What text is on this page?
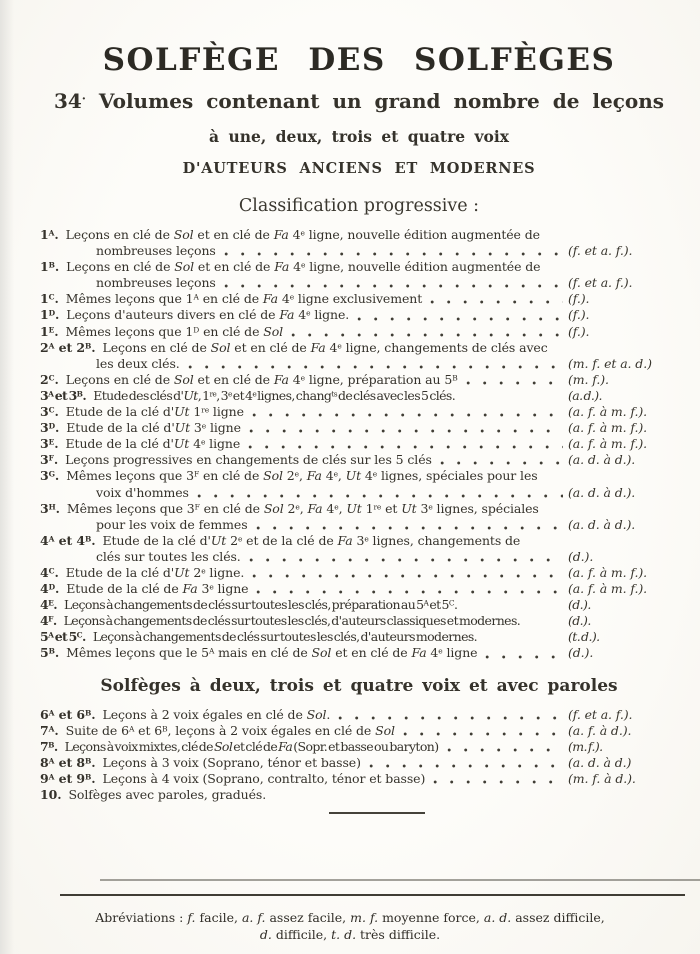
SOLFÈGE DES SOLFÈGES
34· Volumes contenant un grand nombre de leçons
à une, deux, trois et quatre voix
D'AUTEURS ANCIENS ET MODERNES
Classification progressive :
$1^A$. Leçons en clé de Sol et en clé de Fa 4e ligne, nouvelle édition augmentée de
nombreuses leçons	(f. et a. f.).
$1^B$. Leçons en clé de Sol et en clé de Fa 4e ligne, nouvelle édition augmentée de
nombreuses leçons	(f. et a. f.).
$1^C$. Mêmes leçons que $1^A$ en clé de Fa 4e ligne exclusivement	(f.).
$1^D$. Leçons d'auteurs divers en clé de Fa 4e ligne.	(f.).
$1^E$. Mêmes leçons que $1^D$ en clé de Sol	(f.).
$2^A$ et $2^B$. Leçons en clé de Sol et en clé de Fa 4e ligne, changements de clés avec
les deux clés.	(m. f. et a. d.)
$2^C$. Leçons en clé de Sol et en clé de Fa 4e ligne, préparation au $5^B$	(m. f.).
$3^A$ et $3^B$. Etude des clés d'Ut, 1re, 3e et 4e lignes, chang$^{ts}$ de clés avec les 5 clés.	(a. d.).
$3^C$. Etude de la clé d'Ut 1re ligne	(a. f. à m. f.).
$3^D$. Etude de la clé d'Ut 3e ligne	(a. f. à m. f.).
$3^E$. Etude de la clé d'Ut 4e ligne	(a. f. à m. f.).
$3^F$. Leçons progressives en changements de clés sur les 5 clés	(a. d. à d.).
$3^G$. Mêmes leçons que $3^F$ en clé de Sol 2e, Fa 4e, Ut 4e lignes, spéciales pour les
voix d'hommes	(a. d. à d.).
$3^H$. Mêmes leçons que $3^F$ en clé de Sol 2e, Fa 4e, Ut 1re et Ut 3e lignes, spéciales
pour les voix de femmes	(a. d. à d.).
$4^A$ et $4^B$. Etude de la clé d'Ut 2e et de la clé de Fa 3e lignes, changements de
clés sur toutes les clés.	(d.).
$4^C$. Etude de la clé d'Ut 2e ligne.	(a. f. à m. f.).
$4^D$. Etude de la clé de Fa 3e ligne	(a. f. à m. f.).
$4^E$. Leçons à changements de clés sur toutes les clés, préparation au $5^A$ et $5^C$.	(d.).
$4^F$. Leçons à changements de clés sur toutes les clés, d'auteurs classiques et modernes.	(d.).
$5^A$ et $5^C$. Leçons à changements de clés sur toutes les clés, d'auteurs modernes.	(t. d.).
$5^B$. Mêmes leçons que le $5^A$ mais en clé de Sol et en clé de Fa 4e ligne	(d.).
Solfèges à deux, trois et quatre voix et avec paroles
$6^A$ et $6^B$. Leçons à 2 voix égales en clé de Sol.	(f. et a. f.).
$7^A$. Suite de $6^A$ et $6^B$, leçons à 2 voix égales en clé de Sol	(a. f. à d.).
$7^B$. Leçons à voix mixtes, clé de Sol et clé de Fa (Sopr. et basse ou baryton)	(m. f.).
$8^A$ et $8^B$. Leçons à 3 voix (Soprano, ténor et basse)	(a. d. à d.)
$9^A$ et $9^B$. Leçons à 4 voix (Soprano, contralto, ténor et basse)	(m. f. à d.).
10. Solfèges avec paroles, gradués.
Abréviations : f. facile, a. f. assez facile, m. f. moyenne force, a. d. assez difficile,
d. difficile, t. d. très difficile.
